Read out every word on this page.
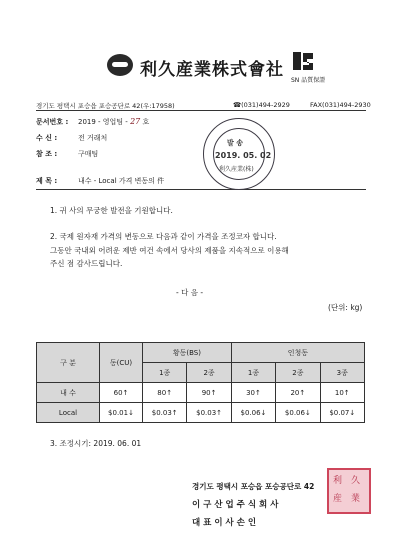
利久産業株式會社
SN 品質保證
경기도 평택시 포승읍 포승공단로 42(우:17958)	☎(031)494-2929	FAX(031)494-2930
문서번호 : 2019 - 영업팀 - 27 호
수 신 :	전 거래처
참 조 :	구매팀
제 목 :	내수 - Local 가격 변동의 件
발 송
2019. 05. 02
利久産業(株)
1. 귀 사의 무궁한 발전을 기원합니다.
2. 국제 원자재 가격의 변동으로 다음과 같이 가격을 조정코자 합니다.
그동안 국내외 어려운 제반 여건 속에서 당사의 제품을 지속적으로 이용해
주신 점 감사드립니다.
- 다 음 -
(단위: kg)
구 분	동(CU)	황동(BS)		인청동		
		1종	2종	1종	2종	3종
내 수	60↑	80↑	90↑	30↑	20↑	10↑
Local	$0.01↓	$0.03↑	$0.03↑	$0.06↓	$0.06↓	$0.07↓
3. 조정시기: 2019. 06. 01
경기도 평택시 포승읍 포승공단로 42
이 구 산 업 주 식 회 사
대 표 이 사 손 인
利 久
産 業
